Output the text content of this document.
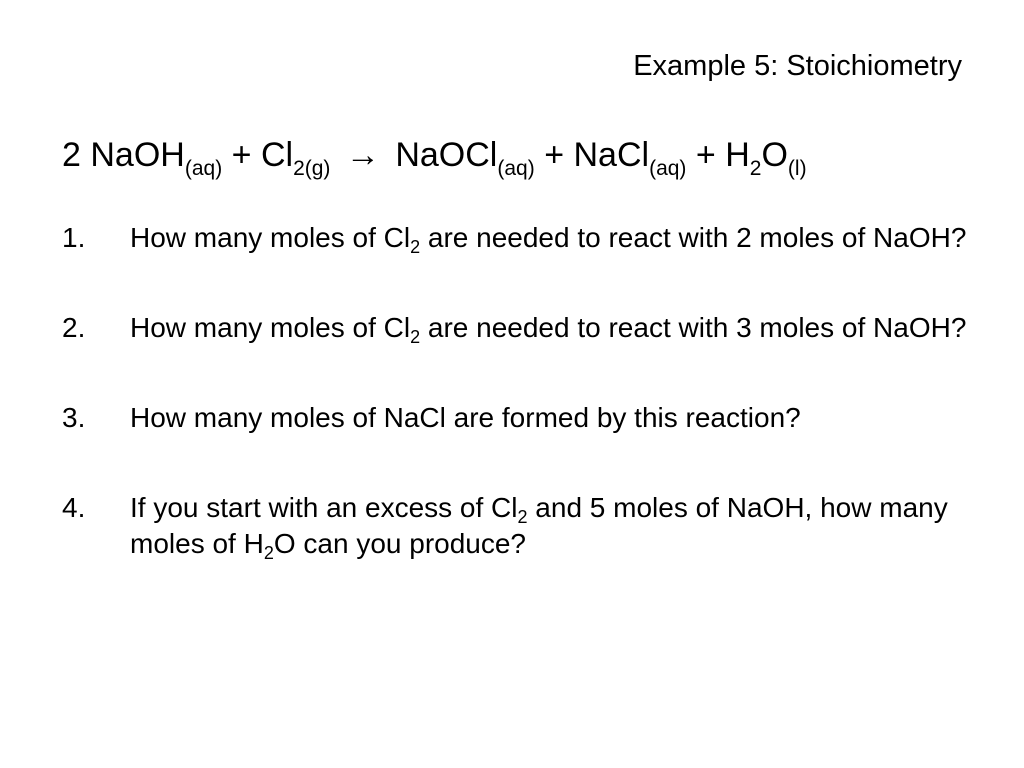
Example 5: Stoichiometry
2 NaOH$_{(aq)}$ + $Cl_{2(g)}$ → NaOCl$_{(aq)}$ + NaCl$_{(aq)}$ + $H_2O_{(l)}$
1. How many moles of $Cl_2$ are needed to react with 2 moles of NaOH?
2. How many moles of $Cl_2$ are needed to react with 3 moles of NaOH?
3. How many moles of NaCl are formed by this reaction?
4. If you start with an excess of $Cl_2$ and 5 moles of NaOH, how many moles of $H_2O$ can you produce?
